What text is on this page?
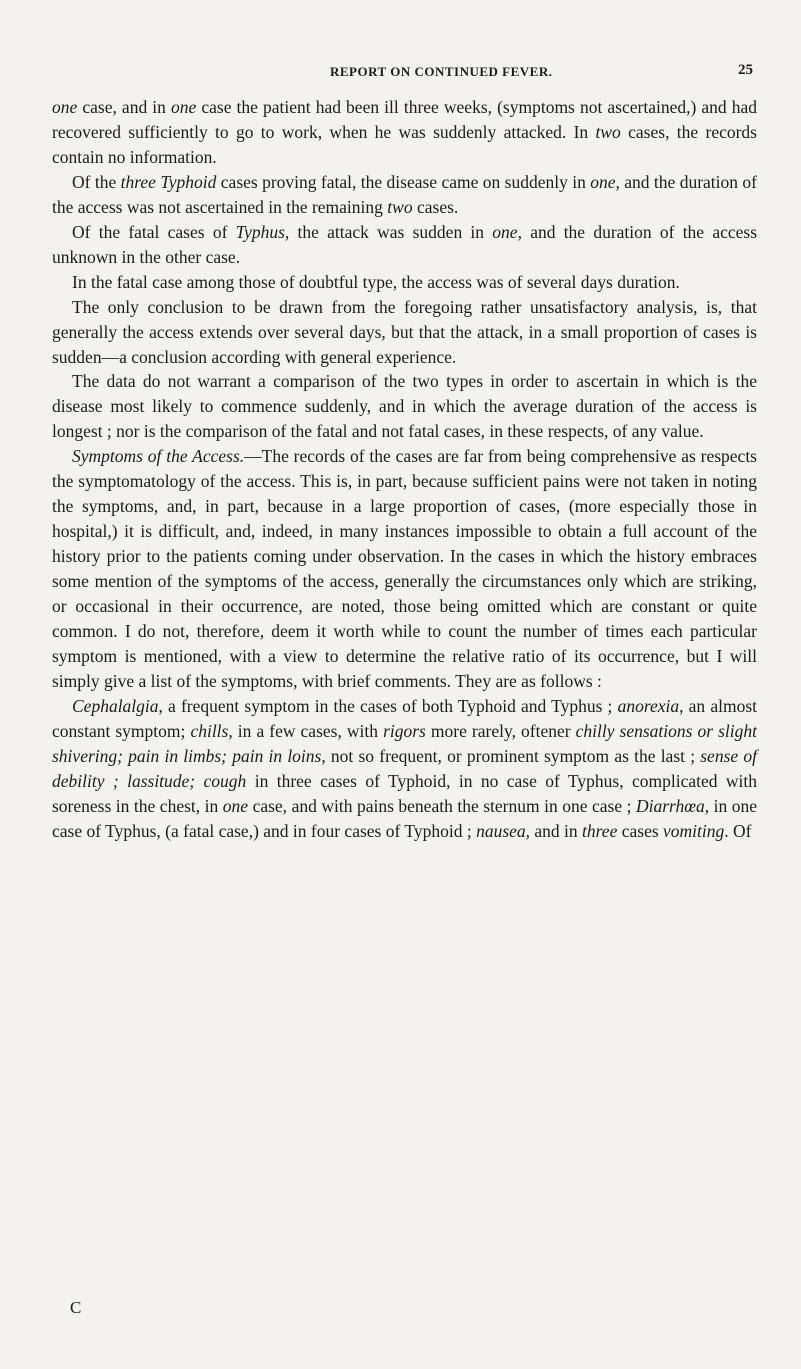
REPORT ON CONTINUED FEVER.	25

one case, and in one case the patient had been ill three weeks, (symptoms not ascertained,) and had recovered sufficiently to go to work, when he was suddenly attacked. In two cases, the records contain no information.

Of the three Typhoid cases proving fatal, the disease came on suddenly in one, and the duration of the access was not ascertained in the remaining two cases.

Of the fatal cases of Typhus, the attack was sudden in one, and the duration of the access unknown in the other case.

In the fatal case among those of doubtful type, the access was of several days duration.

The only conclusion to be drawn from the foregoing rather unsatisfactory analysis, is, that generally the access extends over several days, but that the attack, in a small proportion of cases is sudden—a conclusion according with general experience.

The data do not warrant a comparison of the two types in order to ascertain in which is the disease most likely to commence suddenly, and in which the average duration of the access is longest ; nor is the comparison of the fatal and not fatal cases, in these respects, of any value.

Symptoms of the Access.—The records of the cases are far from being comprehensive as respects the symptomatology of the access. This is, in part, because sufficient pains were not taken in noting the symptoms, and, in part, because in a large proportion of cases, (more especially those in hospital,) it is difficult, and, indeed, in many instances impossible to obtain a full account of the history prior to the patients coming under observation. In the cases in which the history embraces some mention of the symptoms of the access, generally the circumstances only which are striking, or occasional in their occurrence, are noted, those being omitted which are constant or quite common. I do not, therefore, deem it worth while to count the number of times each particular symptom is mentioned, with a view to determine the relative ratio of its occurrence, but I will simply give a list of the symptoms, with brief comments. They are as follows :

Cephalalgia, a frequent symptom in the cases of both Typhoid and Typhus ; anorexia, an almost constant symptom; chills, in a few cases, with rigors more rarely, oftener chilly sensations or slight shivering; pain in limbs; pain in loins, not so frequent, or prominent symptom as the last ; sense of debility ; lassitude; cough in three cases of Typhoid, in no case of Typhus, complicated with soreness in the chest, in one case, and with pains beneath the sternum in one case ; Diarrhœa, in one case of Typhus, (a fatal case,) and in four cases of Typhoid ; nausea, and in three cases vomiting. Of

C
